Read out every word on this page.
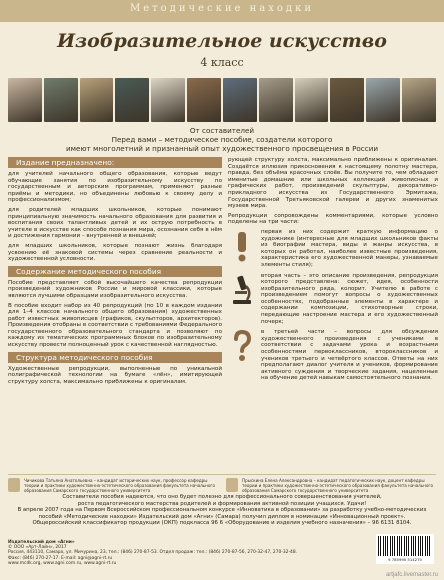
Методические находки
Изобразительное искусство
4 класс
От составителей
Перед вами – методическое пособие, создатели которого
имеют многолетний и признанный опыт художественного просвещения в России
Издание предназначено:

для учителей начального общего образования, которые ведут обучающие занятия по изобразительному искусству по государственным и авторским программам, применяют разные приёмы и методики, но объединены любовью к своему делу и профессионализмом;

для родителей младших школьников, которые понимают принципиальную значимость начального образования для развития и воспитания своих талантливых детей и их острую потребность в учителе в искусстве как способе познания мира, осознания себя в нём и достижения гармонии – внутренней и внешней;

для младших школьников, которые познают жизнь благодаря усвоению её знаковой системы через сравнение реальности и художественной условности.

Содержание методического пособия

Пособие представляет собой высочайшего качества репродукции произведений художников России и мировой классики, которые являются лучшими образцами изобразительного искусства.

В пособие входит набор из 40 репродукций (по 10 в каждом издании для 1–4 классов начального общего образования) художественных работ известных живописцев (графиков, скульпторов, архитекторов). Произведения отобраны в соответствии с требованиями Федерального государственного образовательного стандарта и позволяют по каждому из тематических программных блоков по изобразительному искусству провести полноценный урок с качественной наглядностью.

Структура методического пособия

Художественные репродукции, выполненные по уникальной полиграфической технологии на бумаге «лён», имитирующей структуру холста, максимально приближены к оригиналам.

рующей структуру холста, максимально приближены к оригиналам. Создаётся иллюзия прикосновения к настоящему полотну мастера, правда, без объёма красочных слоёв. Вы получите то, чем обладают именитые домашние или школьных коллекций живописных и графических работ, произведений скульптуры, декоративно-прикладного искусства из Государственного Эрмитажа, Государственной Третьяковской галереи и других знаменитых музеев мира.

Репродукции сопровождены комментариями, которые условно поделены на три части:

первая из них содержит краткую информацию о художнике (интересные для младших школьников факты из биографии мастера, виды и жанры искусства, в которых он работал, наиболее известные произведения, характеристика его художественной манеры, узнаваемые элементы стиля);
вторая часть – это описание произведения, репродукция которого представлена: сюжет, идея, особенности изобразительного ряда, колорит. Учителю в работе с произведением помогут вопросы о художественных особенностях, подобранные элементы в характере и содержании композиции, стихотворные строки, передающие настроение мастера и его художественный почерк;
в третьей части – вопросы для обсуждения художественного произведения с учениками в соответствии с задачами урока и возрастными особенностями первоклассников, второклассников и учеников третьего и четвёртого классов. Ответы на них предполагают диалог учителя и учеников, формирование активного суждения и творческие задания, нацеленные на обучение детей навыкам самостоятельного познания.
Чичикова Татьяна Анатольевна – кандидат исторических наук, профессор кафедры теории и практики художественно-эстетического образования факультета начального образования Самарского государственного университета
Прыскина Елена Александровна – кандидат педагогических наук, доцент кафедры теории и практики художественно-эстетического образования факультета начального образования Самарского государственного университета
Составители пособия надеются, что оно будет полезно для профессионального совершенствования учителей,
роста педагогического мастерства родителей и формирования активной позиции учащихся. Удачи!
В апреле 2007 года на Первом Всероссийском профессиональном конкурсе «Инноватика в образовании» за разработку учебно-методических пособий «Методические находки» Издательский дом «Агни» (Самара) получил диплом в номинации «Инновационный проект».
Общероссийский классификатор продукции (ОКП) подкласса 96 6 «Оборудование и изделия учебного назначения» – 96 6131 8104.
Издательский дом «Агни»
© ООО «Арт-Лайн», 2017
Россия, 443110, Самара, ул. Мичурина, 23, тел.: (846) 270-87-53. Отдел продаж: тел.: (846) 270-87-56, 270-32-47, 270-32-48. Факс: (846) 270-27-17. E-mail: agni@agni-rt.ru
www.mcdk.org, www.agni.com.ru, www.agni-rt.ru
9 785990 514270
artjafc.livemaster.ru
